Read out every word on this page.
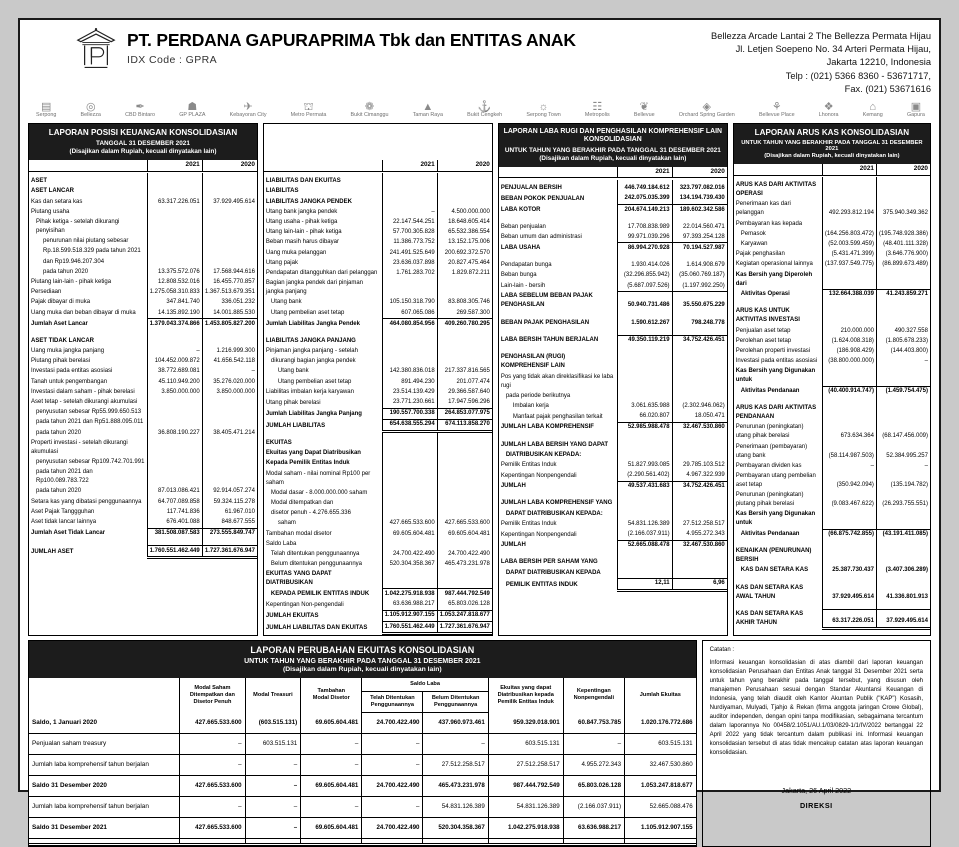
PT. PERDANA GAPURAPRIMA Tbk dan ENTITAS ANAK
IDX Code : GPRA
Bellezza Arcade Lantai 2 The Bellezza Permata Hijau
Jl. Letjen Soepeno No. 34 Arteri Permata Hijau,
Jakarta 12210, Indonesia
Telp : (021) 5366 8360 - 53671717,
Fax. (021) 53671616
▤
Serpong
◎
Bellezza
✒
CBD Bintaro
☗
GP PLAZA
✈
Kebayoran City
⛫
Metro Permata
❁
Bukit Cimanggu
▲
Taman Raya
⚓
Bukit Cengkeh
☼
Serpong Town
☷
Metropolis
❦
Bellevue
◈
Orchard Spring Garden
⚘
Bellevue Place
❖
Lhonora
⌂
Kemang
▣
Gapura
LAPORAN POSISI KEUANGAN KONSOLIDASIAN
TANGGAL 31 DESEMBER 2021
(Disajikan dalam Rupiah, kecuali dinyatakan lain)
	2021	2020

ASET		
ASET LANCAR		
Kas dan setara kas	63.317.226.051	37.929.495.614
Piutang usaha		
Pihak ketiga - setelah dikurangi penyisihan		
penurunan nilai piutang sebesar		
Rp.18.599.518.329 pada tahun 2021		
dan Rp19.946.207.304		
pada tahun 2020	13.375.572.076	17.568.944.616
Piutang lain-lain - pihak ketiga	12.808.532.016	16.455.770.857
Persediaan	1.275.058.310.833	1.367.513.679.351
Pajak dibayar di muka	347.841.740	336.051.232
Uang muka dan beban dibayar di muka	14.135.892.190	14.001.885.530
Jumlah Aset Lancar	1.379.043.374.866	1.453.805.827.200

ASET TIDAK LANCAR		
Uang muka jangka panjang	–	1.216.999.300
Piutang pihak berelasi	104.452.009.872	41.656.542.118
Investasi pada entitas asosiasi	38.772.689.081	–
Tanah untuk pengembangan	45.110.949.200	35.276.020.000
Investasi dalam saham - pihak berelasi	3.850.000.000	3.850.000.000
Aset tetap - setelah dikurangi akumulasi		
penyusutan sebesar Rp55.999.650.513		
pada tahun 2021 dan Rp51.888.095.011		
pada tahun 2020	36.808.190.227	38.405.471.214
Properti investasi - setelah dikurangi akumulasi		
penyusutan sebesar Rp109.742.701.991		
pada tahun 2021 dan Rp100.089.783.722		
pada tahun 2020	87.013.086.421	92.914.057.274
Setara kas yang dibatasi penggunaannya	64.707.089.858	59.324.115.278
Aset Pajak Tanggguhan	117.741.836	61.967.010
Aset tidak lancar lainnya	676.401.088	848.677.555
Jumlah Aset Tidak Lancar	381.508.087.583	273.555.849.747

JUMLAH ASET	1.760.551.462.449	1.727.361.676.947
	2021	2020

LIABILITAS DAN EKUITAS		
LIABILITAS		
LIABILITAS JANGKA PENDEK		
Utang bank jangka pendek	–	4.500.000.000
Utang usaha - pihak ketiga	22.147.544.251	18.648.605.414
Utang lain-lain - pihak ketiga	57.700.305.828	65.532.386.554
Beban masih harus dibayar	11.386.773.752	13.152.175.006
Uang muka pelanggan	241.491.525.649	200.692.372.570
Utang pajak	23.636.037.898	20.827.475.464
Pendapatan ditangguhkan dari pelanggan	1.761.283.702	1.829.872.211
Bagian jangka pendek dari pinjaman jangka panjang		
Utang bank	105.150.318.790	83.808.305.746
Utang pembelian aset tetap	607.065.086	269.587.300
Jumlah Liabilitas Jangka Pendek	464.080.854.956	409.260.780.295

LIABILITAS JANGKA PANJANG		
Pinjaman jangka panjang - setelah		
dikurangi bagian jangka pendek		
Utang bank	142.380.836.018	217.337.816.565
Utang pembelian aset tetap	891.494.230	201.077.474
Liabilitas imbalan kerja karyawan	23.514.139.429	29.366.587.640
Utang pihak berelasi	23.771.230.661	17.947.596.296
Jumlah Liabilitas Jangka Panjang	190.557.700.338	264.853.077.975
JUMLAH LIABILITAS	654.638.555.294	674.113.858.270

EKUITAS		
Ekuitas yang Dapat Diatribusikan		
Kepada Pemilik Entitas Induk		
Modal saham - nilai nominal Rp100 per saham		
Modal dasar - 8.000.000.000 saham		
Modal ditempatkan dan		
disetor penuh - 4.276.655.336		
saham	427.665.533.600	427.665.533.600
Tambahan modal disetor	69.605.604.481	69.605.604.481
Saldo Laba		
Telah ditentukan penggunaannya	24.700.422.490	24.700.422.490
Belum ditentukan penggunaannya	520.304.358.367	465.473.231.978
EKUITAS YANG DAPAT DIATRIBUSIKAN		
KEPADA PEMILIK ENTITAS INDUK	1.042.275.918.938	987.444.792.549
Kepentingan Non-pengendali	63.636.988.217	65.803.026.128
JUMLAH EKUITAS	1.105.912.907.155	1.053.247.818.677
JUMLAH LIABILITAS DAN EKUITAS	1.760.551.462.449	1.727.361.676.947
LAPORAN LABA RUGI DAN PENGHASILAN KOMPREHENSIF LAIN KONSOLIDASIAN
UNTUK TAHUN YANG BERAKHIR PADA TANGGAL 31 DESEMBER 2021
(Disajikan dalam Rupiah, kecuali dinyatakan lain)
	2021	2020

PENJUALAN BERSIH	446.749.184.612	323.797.082.016
BEBAN POKOK PENJUALAN	242.075.035.399	134.194.739.430
LABA KOTOR	204.674.149.213	189.602.342.586

Beban penjualan	17.708.838.989	22.014.560.471
Beban umum dan administrasi	99.971.039.296	97.393.254.128
LABA USAHA	86.994.270.928	70.194.527.987

Pendapatan bunga	1.930.414.026	1.614.908.679
Beban bunga	(32.296.855.942)	(35.060.769.187)
Lain-lain - bersih	(5.687.097.526)	(1.197.992.250)
LABA SEBELUM BEBAN PAJAK PENGHASILAN	50.940.731.486	35.550.675.229

BEBAN PAJAK PENGHASILAN	1.590.612.267	798.248.778

LABA BERSIH TAHUN BERJALAN	49.350.119.219	34.752.426.451

PENGHASILAN (RUGI) KOMPREHENSIF LAIN		
Pos yang tidak akan direklasifikasi ke laba rugi		
pada periode berikutnya		
Imbalan kerja	3.061.635.988	(2.302.946.062)
Manfaat pajak penghasilan terkait	66.020.807	18.050.471
JUMLAH LABA KOMPREHENSIF	52.985.988.478	32.467.530.860

JUMLAH LABA BERSIH YANG DAPAT		
DIATRIBUSIKAN KEPADA:		
Pemilik Entitas Induk	51.827.993.085	29.785.103.512
Kepentingan Nonpengendali	(2.290.561.402)	4.967.322.939
JUMLAH	49.537.431.683	34.752.426.451

JUMLAH LABA KOMPREHENSIF YANG		
DAPAT DIATRIBUSIKAN KEPADA:		
Pemilik Entitas Induk	54.831.126.389	27.512.258.517
Kepentingan Nonpengendali	(2.166.037.911)	4.955.272.343
JUMLAH	52.665.088.478	32.467.530.860

LABA BERSIH PER SAHAM YANG		
DAPAT DIATRIBUSIKAN KEPADA		
PEMILIK ENTITAS INDUK	12,11	6,96
LAPORAN ARUS KAS KONSOLIDASIAN
UNTUK TAHUN YANG BERAKHIR PADA TANGGAL 31 DESEMBER 2021
(Disajikan dalam Rupiah, kecuali dinyatakan lain)
	2021	2020

ARUS KAS DARI AKTIVITAS OPERASI		
Penerimaan kas dari pelanggan	492.293.812.194	375.940.349.362
Pembayaran kas kepada		
Pemasok	(164.256.803.472)	(195.748.928.386)
Karyawan	(52.003.599.459)	(48.401.111.328)
Pajak penghasilan	(5.431.471.399)	(3.646.776.900)
Kegiatan operasional lainnya	(137.937.549.775)	(86.899.673.489)
Kas Bersih yang Diperoleh dari		
Aktivitas Operasi	132.664.388.039	41.243.859.271

ARUS KAS UNTUK AKTIVITAS INVESTASI		
Penjualan aset tetap	210.000.000	490.327.558
Perolehan aset tetap	(1.624.008.318)	(1.805.678.233)
Perolehan properti investasi	(186.908.429)	(144.403.800)
Investasi pada entitas asosiasi	(38.800.000.000)	–
Kas Bersih yang Digunakan untuk		
Aktivitas Pendanaan	(40.400.914.747)	(1.459.754.475)

ARUS KAS DARI AKTIVITAS PENDANAAN		
Penurunan (peningkatan) utang pihak berelasi	673.634.364	(68.147.456.009)
Penerimaan (pembayaran) utang bank	(58.114.987.503)	52.384.995.257
Pembayaran dividen kas	–	–
Pembayaran utang pembelian aset tetap	(350.942.094)	(135.194.782)
Penurunan (peningkatan) piutang pihak berelasi	(9.083.467.622)	(26.293.755.551)
Kas Bersih yang Digunakan untuk		
Aktivitas Pendanaan	(66.875.742.855)	(43.191.411.085)

KENAIKAN (PENURUNAN) BERSIH		
KAS DAN SETARA KAS	25.387.730.437	(3.407.306.289)

KAS DAN SETARA KAS AWAL TAHUN	37.929.495.614	41.336.801.913

KAS DAN SETARA KAS AKHIR TAHUN	63.317.226.051	37.929.495.614
LAPORAN PERUBAHAN EKUITAS KONSOLIDASIAN
UNTUK TAHUN YANG BERAKHIR PADA TANGGAL 31 DESEMBER 2021
(Disajikan dalam Rupiah, kecuali dinyatakan lain)
	Modal Saham
Ditempatkan dan
Disetor Penuh	Modal Treasuri	Tambahan
Modal Disetor	Saldo Laba		Ekuitas yang dapat
Diatribusikan kepada
Pemilik Entitas Induk	Kepentingan
Nonpengendali	Jumlah Ekuitas
				Telah Ditentukan
Penggunaannya	Belum Ditentukan
Penggunaannya			
Saldo, 1 Januari 2020	427.665.533.600	(603.515.131)	69.605.604.481	24.700.422.490	437.960.973.461	959.329.018.901	60.847.753.785	1.020.176.772.686
Penjualan saham treasury	–	603.515.131	–	–	–	603.515.131	–	603.515.131
Jumlah laba komprehensif tahun berjalan	–	–	–	–	27.512.258.517	27.512.258.517	4.955.272.343	32.467.530.860
Saldo 31 Desember 2020	427.665.533.600	–	69.605.604.481	24.700.422.490	465.473.231.978	987.444.792.549	65.803.026.128	1.053.247.818.677
Jumlah laba komprehensif tahun berjalan	–	–	–	–	54.831.126.389	54.831.126.389	(2.166.037.911)	52.665.088.476
Saldo 31 Desember 2021	427.665.533.600	–	69.605.604.481	24.700.422.490	520.304.358.367	1.042.275.918.938	63.636.988.217	1.105.912.907.155

Catatan :
Informasi keuangan konsolidasian di atas diambil dari laporan keuangan konsolidasian Perusahaan dan Entitas Anak tanggal 31 Desember 2021 serta untuk tahun yang berakhir pada tanggal tersebut, yang disusun oleh manajemen Perusahaan sesuai dengan Standar Akuntansi Keuangan di Indonesia, yang telah diaudit oleh Kantor Akuntan Publik ("KAP") Kosasih, Nurdiyaman, Mulyadi, Tjahjo & Rekan (firma anggota jaringan Crowe Global), auditor independen, dengan opini tanpa modifikasian, sebagaimana tercantum dalam laporannya No 00458/2.1051/AU.1/03/0829-1/1/IV/2022 bertanggal 22 April 2022 yang tidak tercantum dalam publikasi ini. Informasi keuangan konsolidasian tersebut di atas tidak mencakup catatan atas laporan keuangan konsolidasian.
Jakarta, 26 April 2022
DIREKSI
